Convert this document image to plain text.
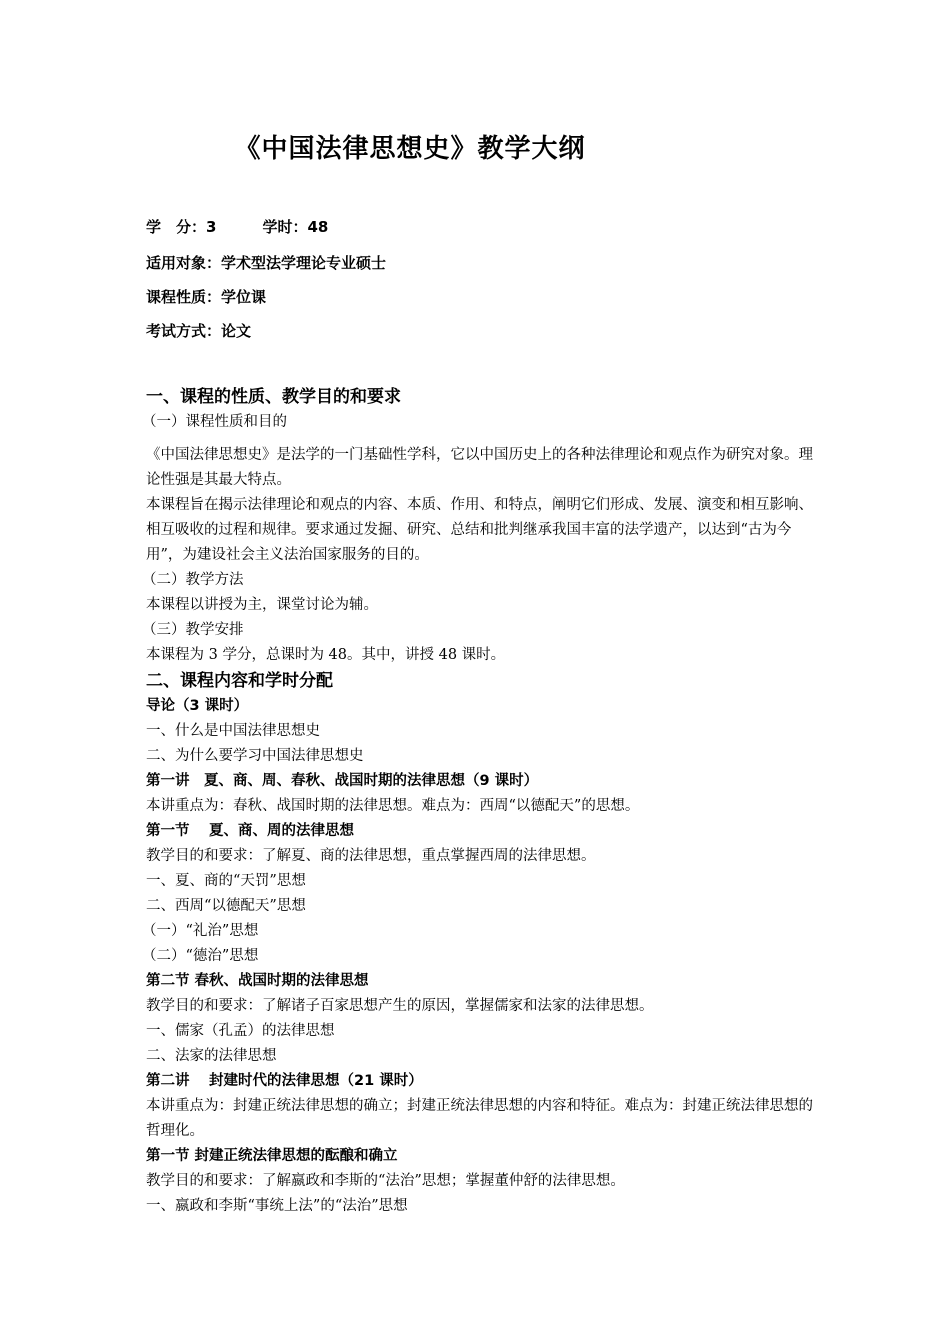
《中国法律思想史》教学大纲
学　分：3	学时：48
适用对象：学术型法学理论专业硕士
课程性质：学位课
考试方式：论文
一、课程的性质、教学目的和要求
（一）课程性质和目的
《中国法律思想史》是法学的一门基础性学科，它以中国历史上的各种法律理论和观点作为研究对象。理论性强是其最大特点。
本课程旨在揭示法律理论和观点的内容、本质、作用、和特点，阐明它们形成、发展、演变和相互影响、相互吸收的过程和规律。要求通过发掘、研究、总结和批判继承我国丰富的法学遗产，以达到“古为今用”，为建设社会主义法治国家服务的目的。
（二）教学方法
本课程以讲授为主，课堂讨论为辅。
（三）教学安排
本课程为 3 学分，总课时为 48。其中，讲授 48 课时。
二、课程内容和学时分配
导论（3 课时）
一、什么是中国法律思想史
二、为什么要学习中国法律思想史
第一讲　夏、商、周、春秋、战国时期的法律思想（9 课时）
本讲重点为：春秋、战国时期的法律思想。难点为：西周“以德配天”的思想。
第一节　 夏、商、周的法律思想
教学目的和要求：了解夏、商的法律思想，重点掌握西周的法律思想。
一、夏、商的“天罚”思想
二、西周“以德配天”思想
（一）“礼治”思想
（二）“德治”思想
第二节 春秋、战国时期的法律思想
教学目的和要求：了解诸子百家思想产生的原因，掌握儒家和法家的法律思想。
一、儒家（孔孟）的法律思想
二、法家的法律思想
第二讲　 封建时代的法律思想（21 课时）
本讲重点为：封建正统法律思想的确立；封建正统法律思想的内容和特征。难点为：封建正统法律思想的哲理化。
第一节 封建正统法律思想的酝酿和确立
教学目的和要求：了解嬴政和李斯的“法治”思想；掌握董仲舒的法律思想。
一、嬴政和李斯“事统上法”的“法治”思想
